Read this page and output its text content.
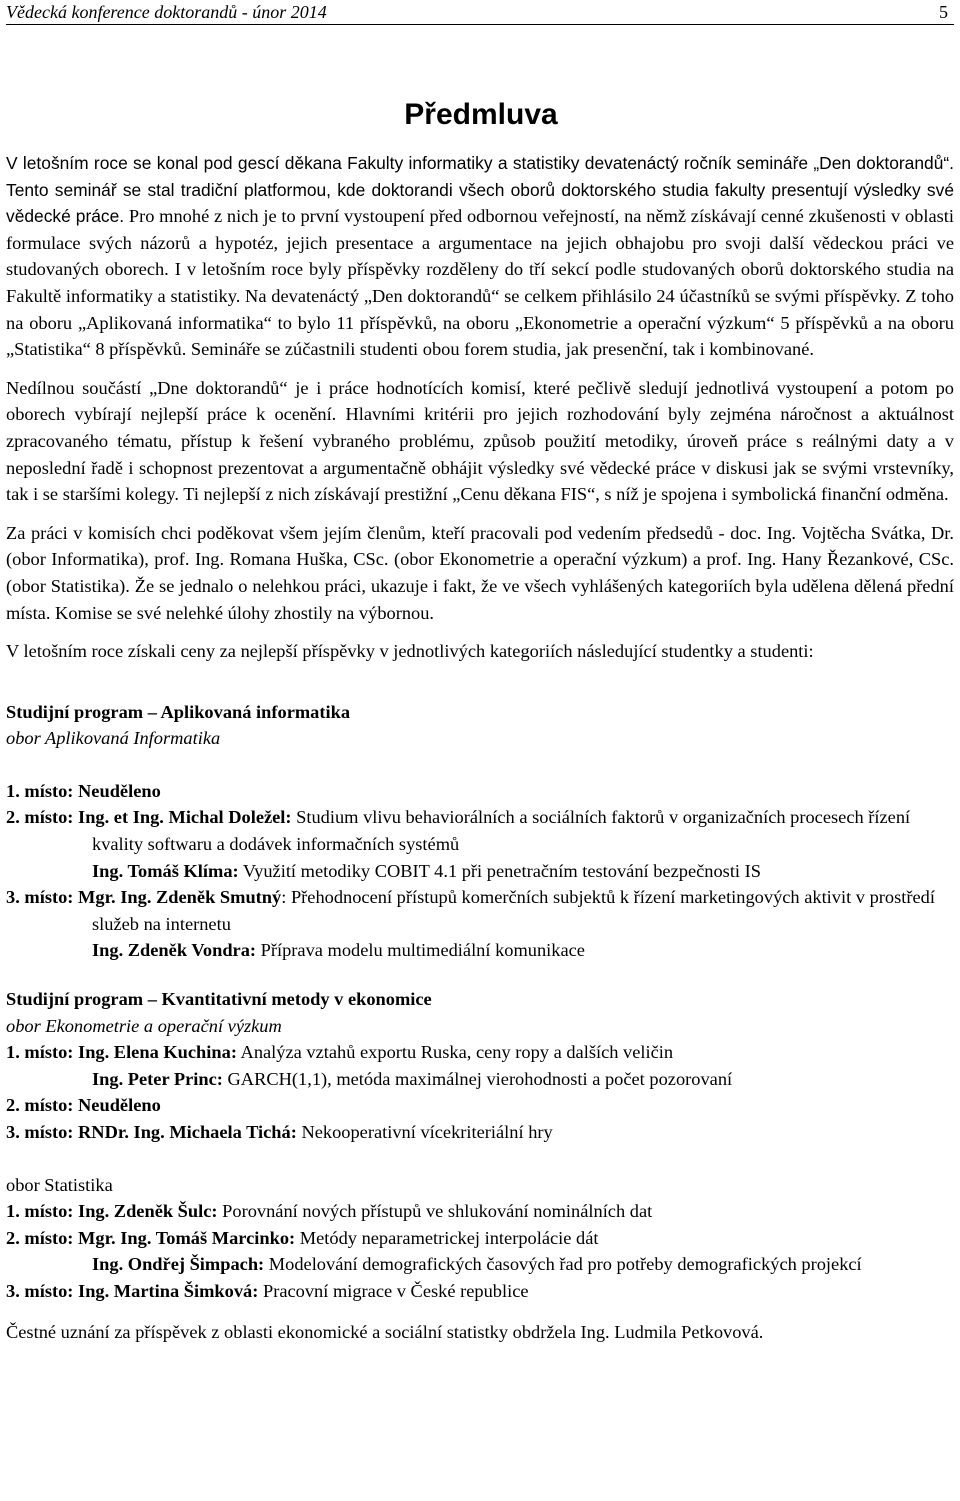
Vědecká konference doktorandů - únor 2014	5
Předmluva

V letošním roce se konal pod gescí děkana Fakulty informatiky a statistiky devatenáctý ročník semináře „Den doktorandů“. Tento seminář se stal tradiční platformou, kde doktorandi všech oborů doktorského studia fakulty presentují výsledky své vědecké práce. Pro mnohé z nich je to první vystoupení před odbornou veřejností, na němž získávají cenné zkušenosti v oblasti formulace svých názorů a hypotéz, jejich presentace a argumentace na jejich obhajobu pro svoji další vědeckou práci ve studovaných oborech. I v letošním roce byly příspěvky rozděleny do tří sekcí podle studovaných oborů doktorského studia na Fakultě informatiky a statistiky. Na devatenáctý „Den doktorandů“ se celkem přihlásilo 24 účastníků se svými příspěvky. Z toho na oboru „Aplikovaná informatika“ to bylo 11 příspěvků, na oboru „Ekonometrie a operační výzkum“ 5 příspěvků a na oboru „Statistika“ 8 příspěvků. Semináře se zúčastnili studenti obou forem studia, jak presenční, tak i kombinované.

Nedílnou součástí „Dne doktorandů“ je i práce hodnotících komisí, které pečlivě sledují jednotlivá vystoupení a potom po oborech vybírají nejlepší práce k ocenění. Hlavními kritérii pro jejich rozhodování byly zejména náročnost a aktuálnost zpracovaného tématu, přístup k řešení vybraného problému, způsob použití metodiky, úroveň práce s reálnými daty a v neposlední řadě i schopnost prezentovat a argumentačně obhájit výsledky své vědecké práce v diskusi jak se svými vrstevníky, tak i se staršími kolegy. Ti nejlepší z nich získávají prestižní „Cenu děkana FIS“, s níž je spojena i symbolická finanční odměna.

Za práci v komisích chci poděkovat všem jejím členům, kteří pracovali pod vedením předsedů - doc. Ing. Vojtěcha Svátka, Dr. (obor Informatika), prof. Ing. Romana Huška, CSc. (obor Ekonometrie a operační výzkum) a prof. Ing. Hany Řezankové, CSc. (obor Statistika). Že se jednalo o nelehkou práci, ukazuje i fakt, že ve všech vyhlášených kategoriích byla udělena dělená přední místa. Komise se své nelehké úlohy zhostily na výbornou.

V letošním roce získali ceny za nejlepší příspěvky v jednotlivých kategoriích následující studentky a studenti:

Studijní program – Aplikovaná informatika
obor Aplikovaná Informatika
1. místo: Neuděleno
2. místo: Ing. et Ing. Michal Doležel: Studium vlivu behaviorálních a sociálních faktorů v organizačních procesech řízení kvality softwaru a dodávek informačních systémů
Ing. Tomáš Klíma: Využití metodiky COBIT 4.1 při penetračním testování bezpečnosti IS
3. místo: Mgr. Ing. Zdeněk Smutný: Přehodnocení přístupů komerčních subjektů k řízení marketingových aktivit v prostředí služeb na internetu
Ing. Zdeněk Vondra: Příprava modelu multimediální komunikace
Studijní program – Kvantitativní metody v ekonomice
obor Ekonometrie a operační výzkum
1. místo: Ing. Elena Kuchina: Analýza vztahů exportu Ruska, ceny ropy a dalších veličin
Ing. Peter Princ: GARCH(1,1), metóda maximálnej vierohodnosti a počet pozorovaní
2. místo: Neuděleno
3. místo: RNDr. Ing. Michaela Tichá: Nekooperativní vícekriteriální hry
obor Statistika
1. místo: Ing. Zdeněk Šulc: Porovnání nových přístupů ve shlukování nominálních dat
2. místo: Mgr. Ing. Tomáš Marcinko: Metódy neparametrickej interpolácie dát
Ing. Ondřej Šimpach: Modelování demografických časových řad pro potřeby demografických projekcí
3. místo: Ing. Martina Šimková: Pracovní migrace v České republice
Čestné uznání za příspěvek z oblasti ekonomické a sociální statistky obdržela Ing. Ludmila Petkovová.
